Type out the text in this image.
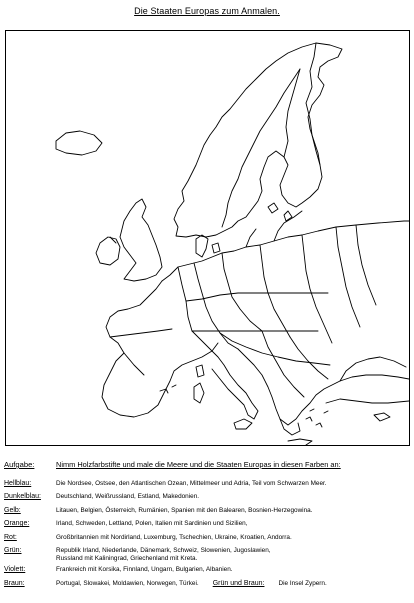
Die Staaten Europas zum Anmalen.
Aufgabe:	Nimm Holzfarbstifte und male die Meere und die Staaten Europas in diesen Farben an:
Hellblau:	Die Nordsee, Ostsee, den Atlantischen Ozean, Mittelmeer und Adria, Teil vom Schwarzen Meer.
Dunkelblau:	Deutschland, Weißrussland, Estland, Makedonien.
Gelb:	Litauen, Belgien, Österreich, Rumänien, Spanien mit den Balearen, Bosnien-Herzegowina.
Orange:	Irland, Schweden, Lettland, Polen, Italien mit Sardinien und Sizilien,
Rot:	Großbritannien mit Nordirland, Luxemburg, Tschechien, Ukraine, Kroatien, Andorra.
Grün:	Republik Irland, Niederlande, Dänemark, Schweiz, Slowenien, Jugoslawien,
Russland mit Kaliningrad, Griechenland mit Kreta.
Violett:	Frankreich mit Korsika, Finnland, Ungarn, Bulgarien, Albanien.
Braun:	Portugal, Slowakei, Moldawien, Norwegen, Türkei. Grün und Braun: Die Insel Zypern.
